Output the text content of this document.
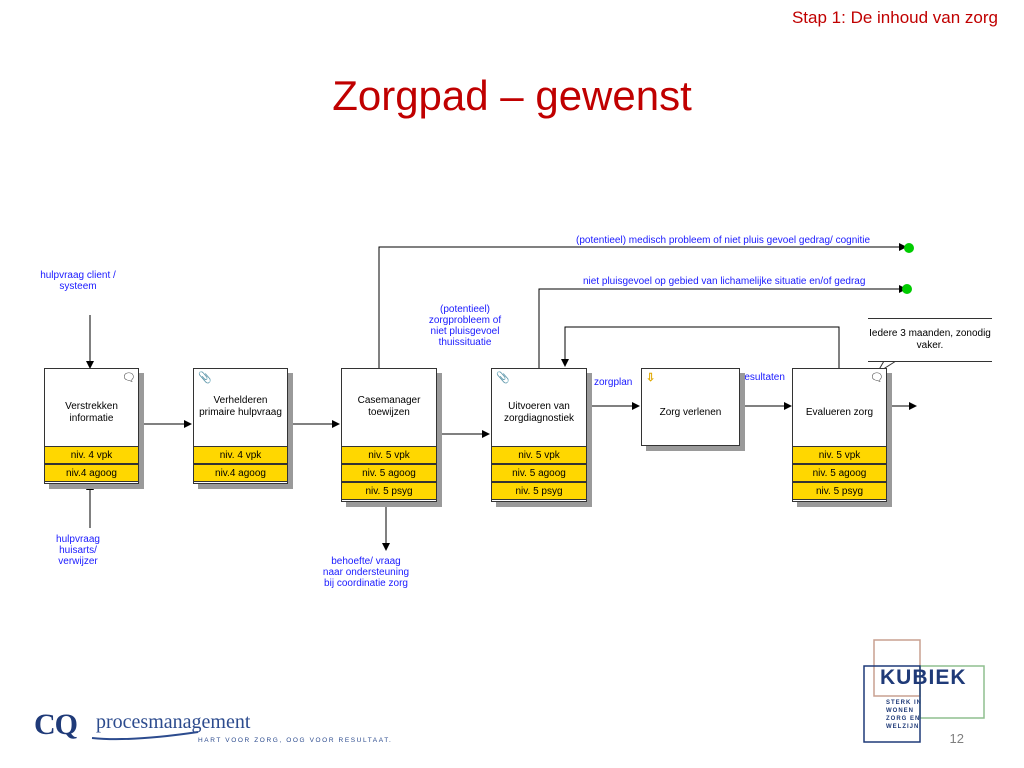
Stap 1: De inhoud van zorg
Zorgpad – gewenst
hulpvraag client / systeem
hulpvraag huisarts/ verwijzer
(potentieel) zorgprobleem of niet pluisgevoel thuissituatie
behoefte/ vraag naar ondersteuning bij coordinatie zorg
(potentieel) medisch probleem of niet pluis gevoel gedrag/ cognitie
niet pluisgevoel op gebied van lichamelijke situatie en/of gedrag
zorgplan	resultaten
Iedere 3 maanden, zonodig vaker.
🗨
Verstrekken informatie
niv. 4 vpk
niv.4 agoog
📎
Verhelderen primaire hulpvraag
niv. 4 vpk
niv.4 agoog
Casemanager toewijzen
niv. 5 vpk
niv. 5 agoog
niv. 5 psyg
📎
Uitvoeren van zorgdiagnostiek
niv. 5 vpk
niv. 5 agoog
niv. 5 psyg
⇩
Zorg verlenen
🗨
Evalueren zorg
niv. 5 vpk
niv. 5 agoog
niv. 5 psyg
CQ procesmanagement
HART VOOR ZORG, OOG VOOR RESULTAAT.
KUBIEK
STERK IN
WONEN
ZORG EN
WELZIJN
12
